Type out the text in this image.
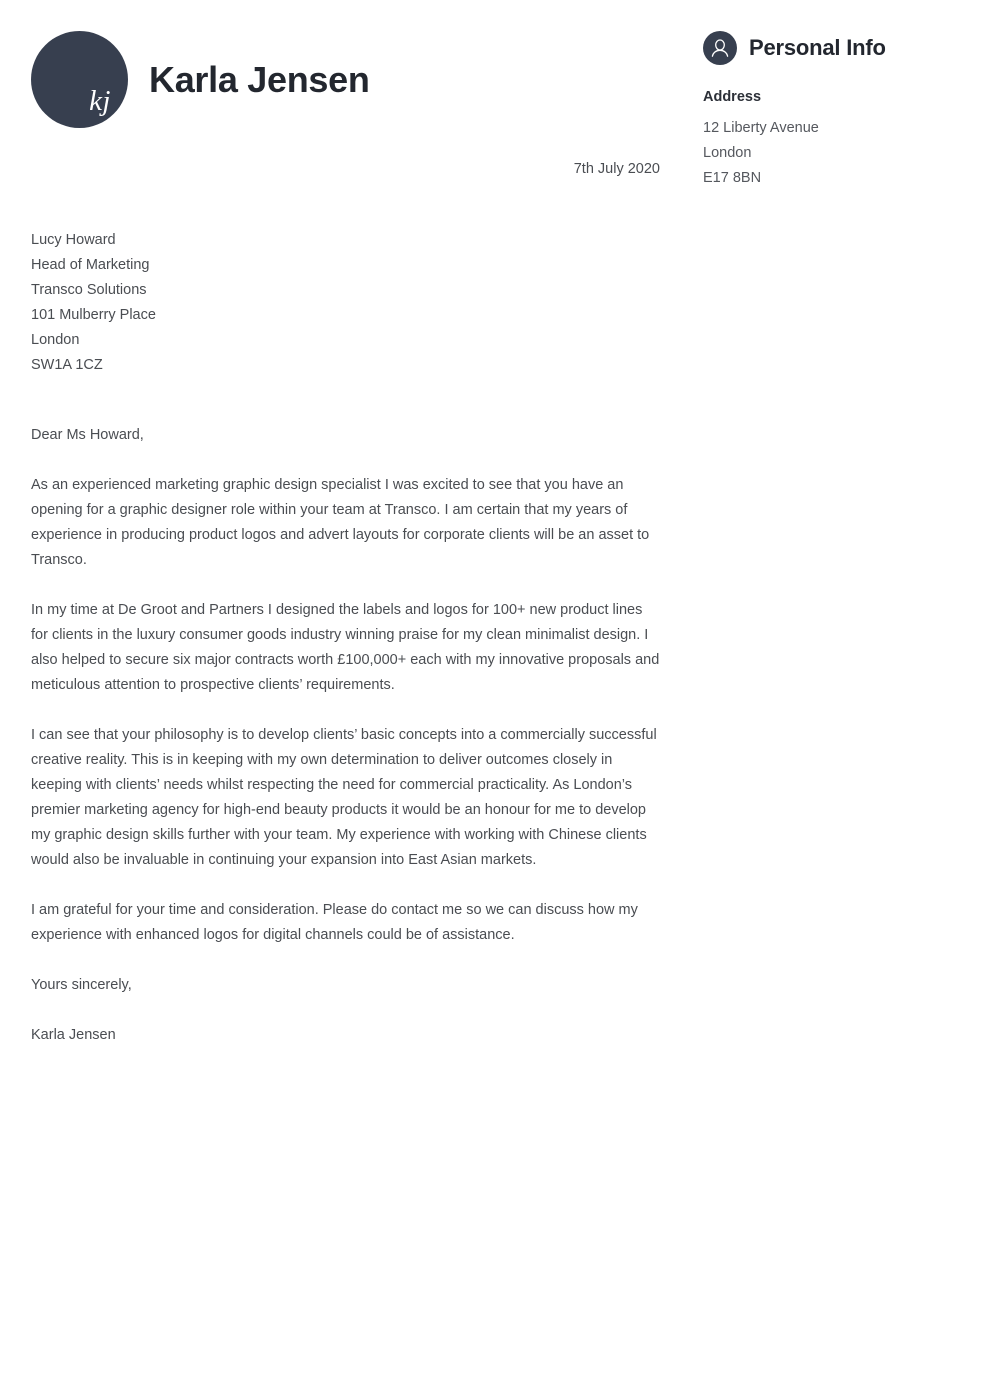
kj
Karla Jensen
Personal Info
Address
12 Liberty Avenue
London
E17 8BN
7th July 2020
Lucy Howard
Head of Marketing
Transco Solutions
101 Mulberry Place
London
SW1A 1CZ
Dear Ms Howard,

As an experienced marketing graphic design specialist I was excited to see that you have an opening for a graphic designer role within your team at Transco. I am certain that my years of experience in producing product logos and advert layouts for corporate clients will be an asset to Transco.

In my time at De Groot and Partners I designed the labels and logos for 100+ new product lines for clients in the luxury consumer goods industry winning praise for my clean minimalist design. I also helped to secure six major contracts worth £100,000+ each with my innovative proposals and meticulous attention to prospective clients’ requirements.

I can see that your philosophy is to develop clients’ basic concepts into a commercially successful creative reality. This is in keeping with my own determination to deliver outcomes closely in keeping with clients’ needs whilst respecting the need for commercial practicality. As London’s premier marketing agency for high-end beauty products it would be an honour for me to develop my graphic design skills further with your team. My experience with working with Chinese clients would also be invaluable in continuing your expansion into East Asian markets.

I am grateful for your time and consideration. Please do contact me so we can discuss how my experience with enhanced logos for digital channels could be of assistance.

Yours sincerely,
Karla Jensen
